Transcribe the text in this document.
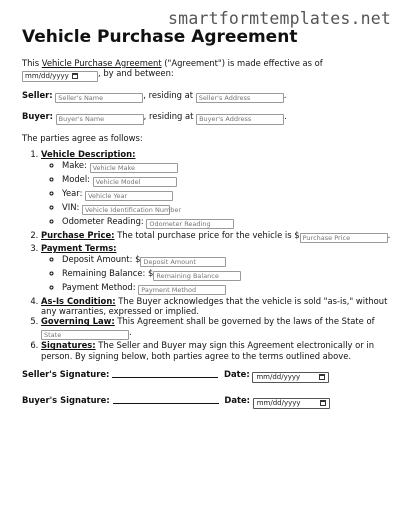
smartformtemplates.net
Vehicle Purchase Agreement

This Vehicle Purchase Agreement ("Agreement") is made effective as of
mm/dd/yyyy	, by and between:

Seller: Seller's Name	, residing at Seller's Address	.
Buyer: Buyer's Name	, residing at Buyer's Address	.

The parties agree as follows:

1. Vehicle Description:
◦ Make: Vehicle Make
◦ Model: Vehicle Model
◦ Year: Vehicle Year
◦ VIN: Vehicle Identification Number
◦ Odometer Reading: Odometer Reading
2. Purchase Price: The total purchase price for the vehicle is $ Purchase Price	.
3. Payment Terms:
◦ Deposit Amount: $ Deposit Amount
◦ Remaining Balance: $ Remaining Balance
◦ Payment Method: Payment Method
4. As-Is Condition: The Buyer acknowledges that the vehicle is sold "as-is," without any warranties, expressed or implied.
5. Governing Law: This Agreement shall be governed by the laws of the State of
State	.
6. Signatures: The Seller and Buyer may sign this Agreement electronically or in person. By signing below, both parties agree to the terms outlined above.
Seller's Signature:	Date: mm/dd/yyyy
Buyer's Signature:	Date: mm/dd/yyyy
